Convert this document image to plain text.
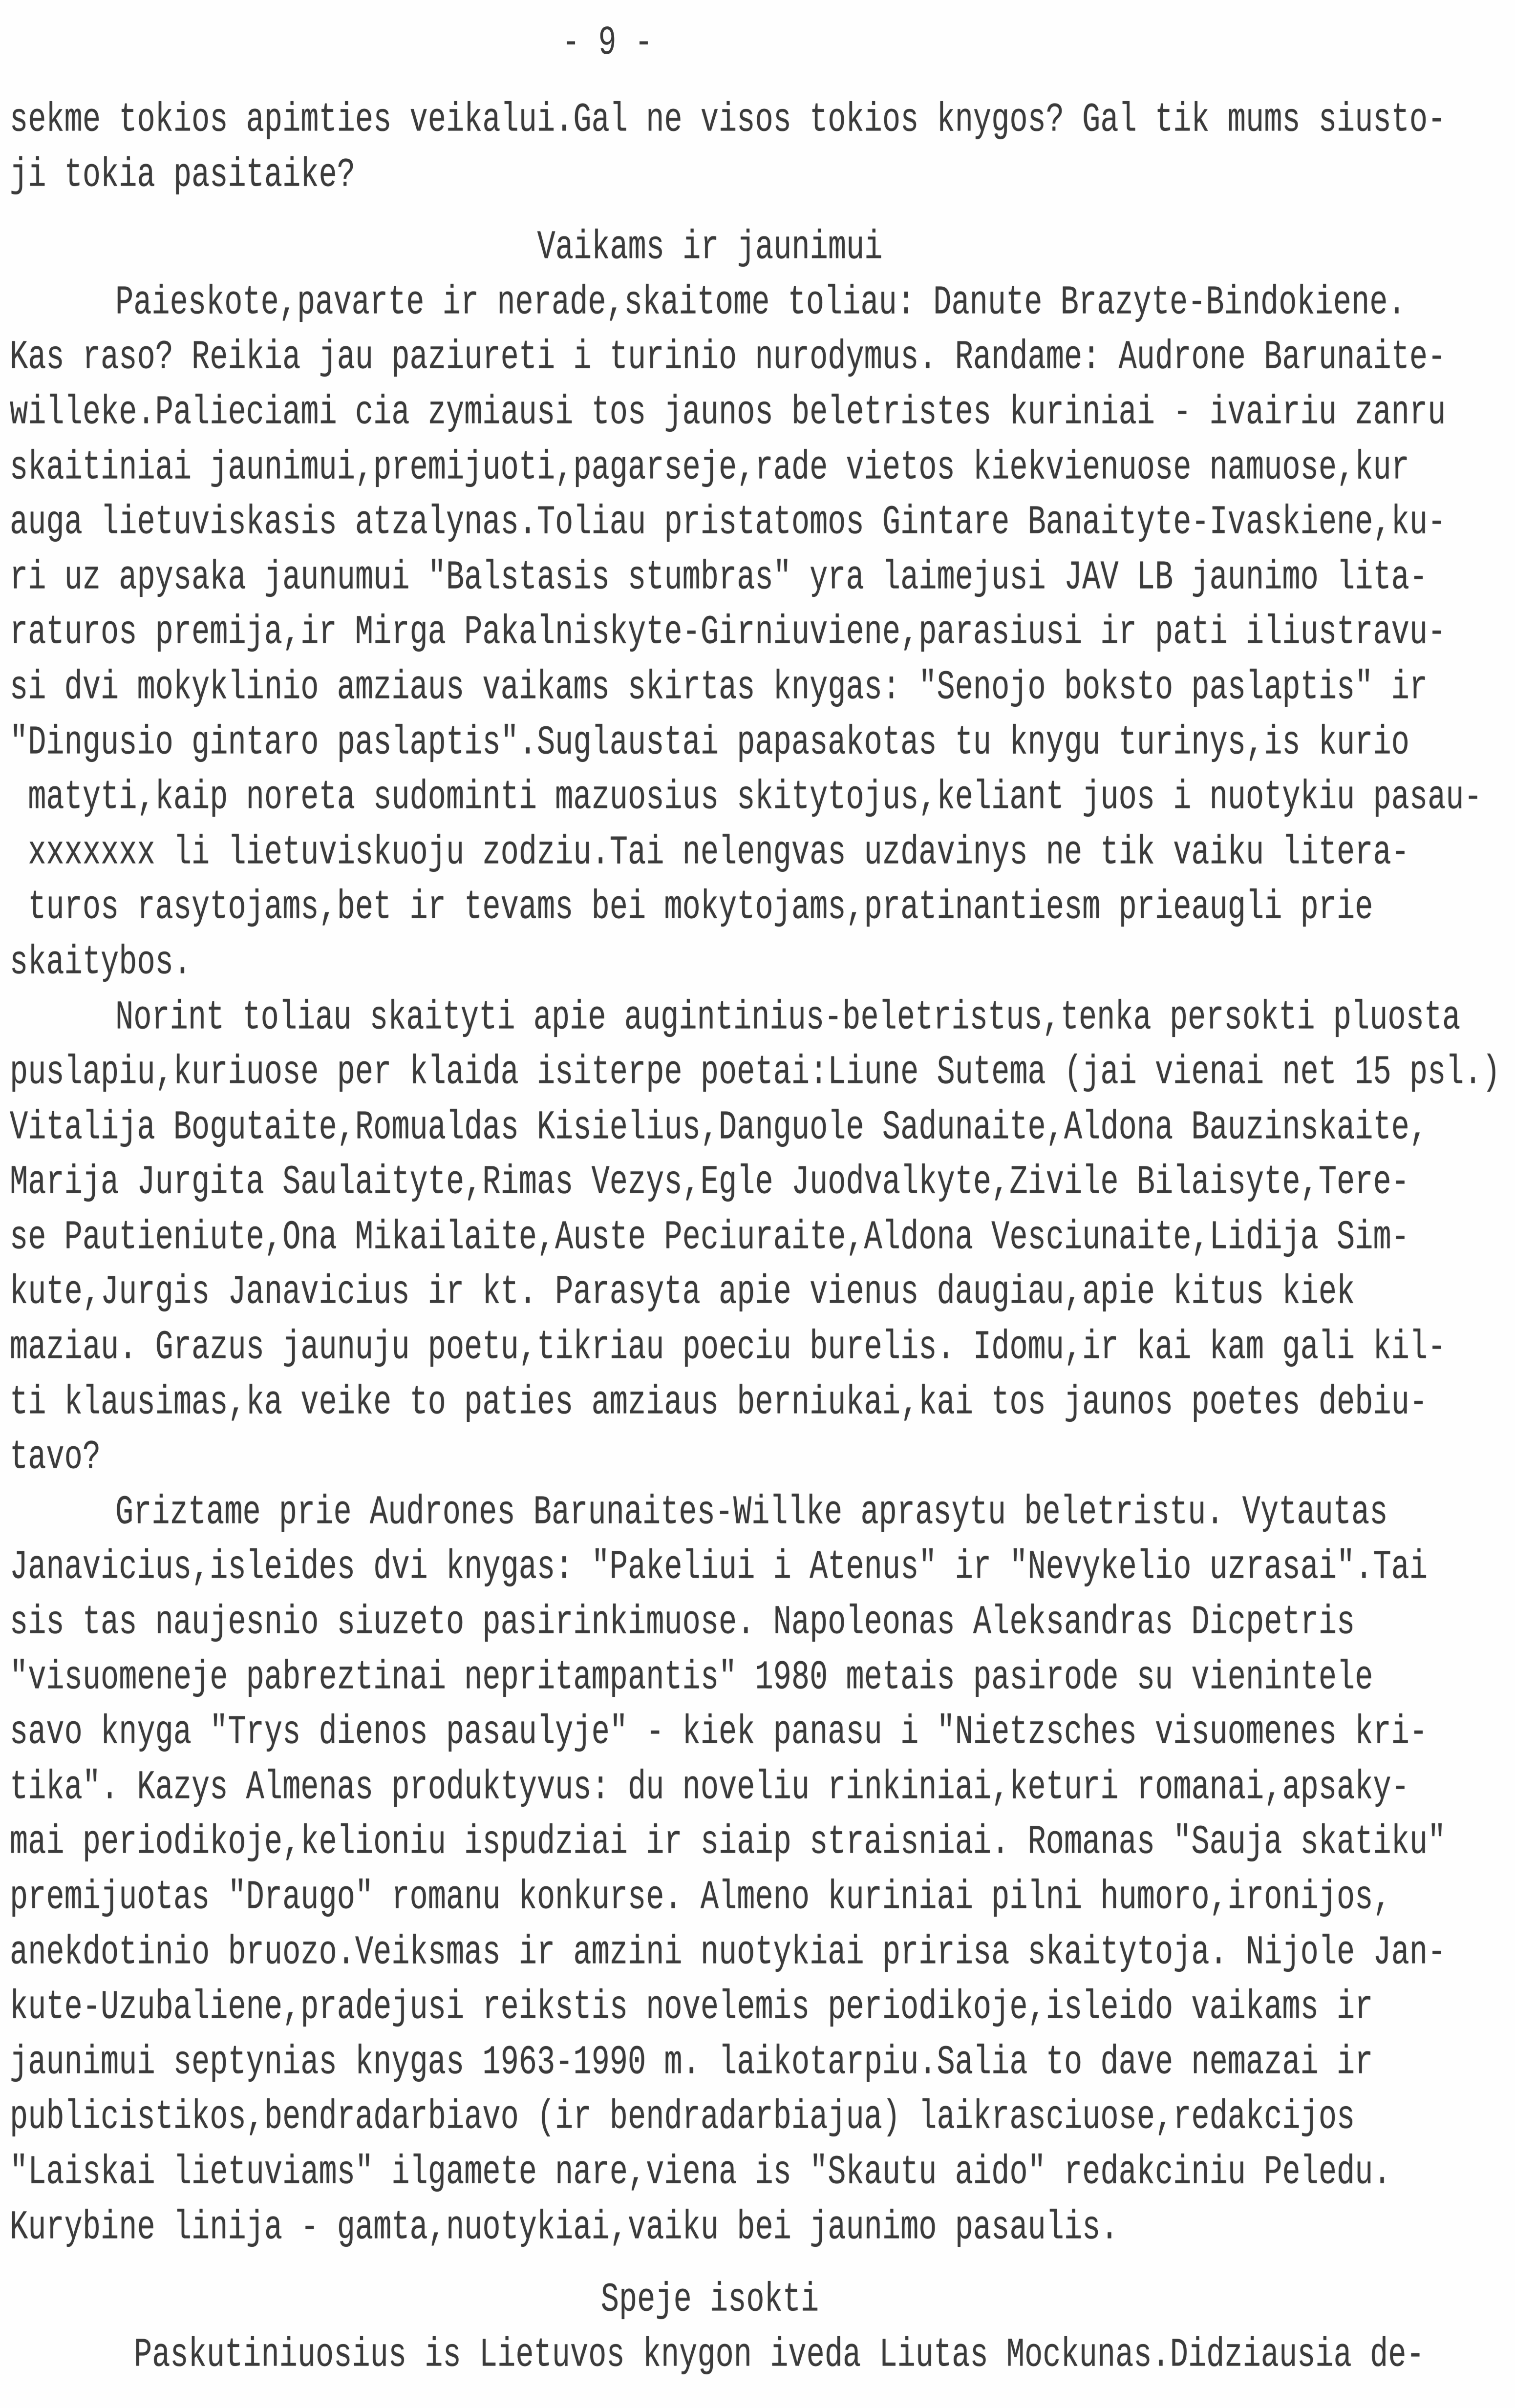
- 9 -
sekme tokios apimties veikalui.Gal ne visos tokios knygos? Gal tik mums siusto-
ji tokia pasitaike?
Vaikams ir jaunimui
Paieskote,pavarte ir nerade,skaitome toliau: Danute Brazyte-Bindokiene.
Kas raso? Reikia jau paziureti i turinio nurodymus. Randame: Audrone Barunaite-
willeke.Palieciami cia zymiausi tos jaunos beletristes kuriniai - ivairiu zanru
skaitiniai jaunimui,premijuoti,pagarseje,rade vietos kiekvienuose namuose,kur
auga lietuviskasis atzalynas.Toliau pristatomos Gintare Banaityte-Ivaskiene,ku-
ri uz apysaka jaunumui "Balstasis stumbras" yra laimejusi JAV LB jaunimo lita-
raturos premija,ir Mirga Pakalniskyte-Girniuviene,parasiusi ir pati iliustravu-
si dvi mokyklinio amziaus vaikams skirtas knygas: "Senojo boksto paslaptis" ir
"Dingusio gintaro paslaptis".Suglaustai papasakotas tu knygu turinys,is kurio
matyti,kaip noreta sudominti mazuosius skitytojus,keliant juos i nuotykiu pasau-
xxxxxxx li lietuviskuoju zodziu.Tai nelengvas uzdavinys ne tik vaiku litera-
turos rasytojams,bet ir tevams bei mokytojams,pratinantiesm prieaugli prie
skaitybos.
Norint toliau skaityti apie augintinius-beletristus,tenka persokti pluosta
puslapiu,kuriuose per klaida isiterpe poetai:Liune Sutema (jai vienai net 15 psl.)
Vitalija Bogutaite,Romualdas Kisielius,Danguole Sadunaite,Aldona Bauzinskaite,
Marija Jurgita Saulaityte,Rimas Vezys,Egle Juodvalkyte,Zivile Bilaisyte,Tere-
se Pautieniute,Ona Mikailaite,Auste Peciuraite,Aldona Vesciunaite,Lidija Sim-
kute,Jurgis Janavicius ir kt. Parasyta apie vienus daugiau,apie kitus kiek
maziau. Grazus jaunuju poetu,tikriau poeciu burelis. Idomu,ir kai kam gali kil-
ti klausimas,ka veike to paties amziaus berniukai,kai tos jaunos poetes debiu-
tavo?
Griztame prie Audrones Barunaites-Willke aprasytu beletristu. Vytautas
Janavicius,isleides dvi knygas: "Pakeliui i Atenus" ir "Nevykelio uzrasai".Tai
sis tas naujesnio siuzeto pasirinkimuose. Napoleonas Aleksandras Dicpetris
"visuomeneje pabreztinai nepritampantis" 1980 metais pasirode su vienintele
savo knyga "Trys dienos pasaulyje" - kiek panasu i "Nietzsches visuomenes kri-
tika". Kazys Almenas produktyvus: du noveliu rinkiniai,keturi romanai,apsaky-
mai periodikoje,kelioniu ispudziai ir siaip straisniai. Romanas "Sauja skatiku"
premijuotas "Draugo" romanu konkurse. Almeno kuriniai pilni humoro,ironijos,
anekdotinio bruozo.Veiksmas ir amzini nuotykiai pririsa skaitytoja. Nijole Jan-
kute-Uzubaliene,pradejusi reikstis novelemis periodikoje,isleido vaikams ir
jaunimui septynias knygas 1963-1990 m. laikotarpiu.Salia to dave nemazai ir
publicistikos,bendradarbiavo (ir bendradarbiajua) laikrasciuose,redakcijos
"Laiskai lietuviams" ilgamete nare,viena is "Skautu aido" redakciniu Peledu.
Kurybine linija - gamta,nuotykiai,vaiku bei jaunimo pasaulis.
Speje isokti
Paskutiniuosius is Lietuvos knygon iveda Liutas Mockunas.Didziausia de-
